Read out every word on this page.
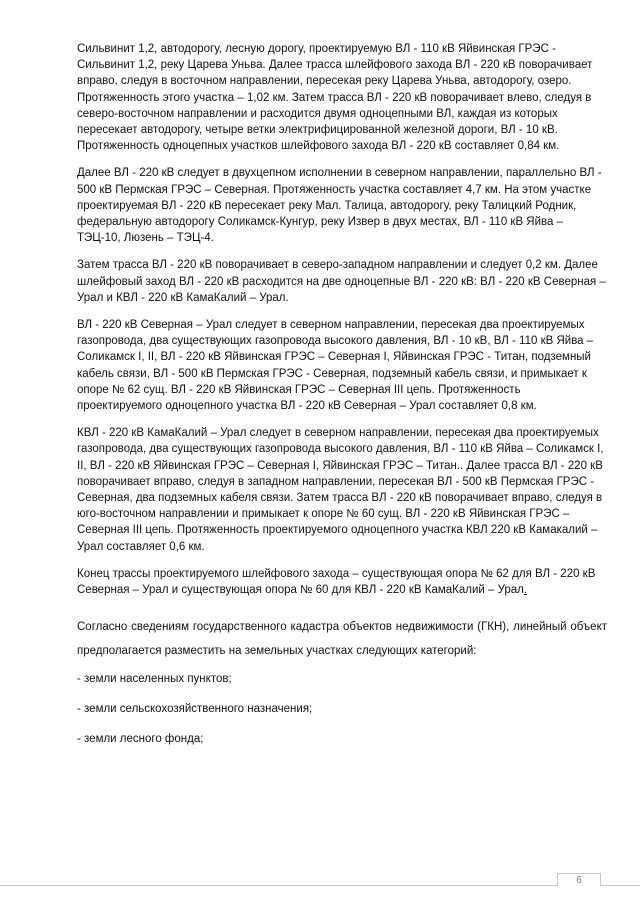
Сильвинит 1,2, автодорогу, лесную дорогу, проектируемую ВЛ - 110 кВ Яйвинская ГРЭС - Сильвинит 1,2, реку Царева Уньва. Далее трасса шлейфового захода ВЛ - 220 кВ поворачивает вправо, следуя в восточном направлении, пересекая реку Царева Уньва, автодорогу, озеро. Протяженность этого участка – 1,02 км. Затем трасса ВЛ - 220 кВ поворачивает влево, следуя в северо-восточном направлении и расходится двумя одноцепными ВЛ, каждая из которых пересекает автодорогу, четыре ветки электрифицированной железной дороги, ВЛ - 10 кВ. Протяженность одноцепных участков шлейфового захода ВЛ - 220 кВ составляет 0,84 км.

Далее ВЛ - 220 кВ следует в двухцепном исполнении в северном направлении, параллельно ВЛ - 500 кВ Пермская ГРЭС – Северная. Протяженность участка составляет 4,7 км. На этом участке проектируемая ВЛ - 220 кВ пересекает реку Мал. Талица, автодорогу, реку Талицкий Родник, федеральную автодорогу Соликамск-Кунгур, реку Извер в двух местах, ВЛ - 110 кВ Яйва – ТЭЦ-10, Люзень – ТЭЦ-4.

Затем трасса ВЛ - 220 кВ поворачивает в северо-западном направлении и следует 0,2 км. Далее шлейфовый заход ВЛ - 220 кВ расходится на две одноцепные ВЛ - 220 кВ: ВЛ - 220 кВ Северная – Урал и КВЛ - 220 кВ КамаКалий – Урал.

ВЛ - 220 кВ Северная – Урал следует в северном направлении, пересекая два проектируемых газопровода, два существующих газопровода высокого давления, ВЛ - 10 кВ, ВЛ - 110 кВ Яйва – Соликамск I, II, ВЛ - 220 кВ Яйвинская ГРЭС – Северная I, Яйвинская ГРЭС - Титан, подземный кабель связи, ВЛ - 500 кВ Пермская ГРЭС - Северная, подземный кабель связи, и примыкает к опоре № 62 сущ. ВЛ - 220 кВ Яйвинская ГРЭС – Северная III цепь. Протяженность проектируемого одноцепного участка ВЛ - 220 кВ Северная – Урал составляет 0,8 км.

КВЛ - 220 кВ КамаКалий – Урал следует в северном направлении, пересекая два проектируемых газопровода, два существующих газопровода высокого давления, ВЛ - 110 кВ Яйва – Соликамск I, II, ВЛ - 220 кВ Яйвинская ГРЭС – Северная I, Яйвинская ГРЭС – Титан.. Далее трасса ВЛ - 220 кВ поворачивает вправо, следуя в западном направлении, пересекая ВЛ - 500 кВ Пермская ГРЭС - Северная, два подземных кабеля связи. Затем трасса ВЛ - 220 кВ поворачивает вправо, следуя в юго-восточном направлении и примыкает к опоре № 60 сущ. ВЛ - 220 кВ Яйвинская ГРЭС – Северная III цепь. Протяженность проектируемого одноцепного участка КВЛ 220 кВ Камакалий – Урал составляет 0,6 км.

Конец трассы проектируемого шлейфового захода – существующая опора № 62 для ВЛ - 220 кВ Северная – Урал и существующая опора № 60 для КВЛ - 220 кВ КамаКалий – Урал.

Согласно сведениям государственного кадастра объектов недвижимости (ГКН), линейный объект предполагается разместить на земельных участках следующих категорий:

- земли населенных пунктов;

- земли сельскохозяйственного назначения;

- земли лесного фонда;

6
